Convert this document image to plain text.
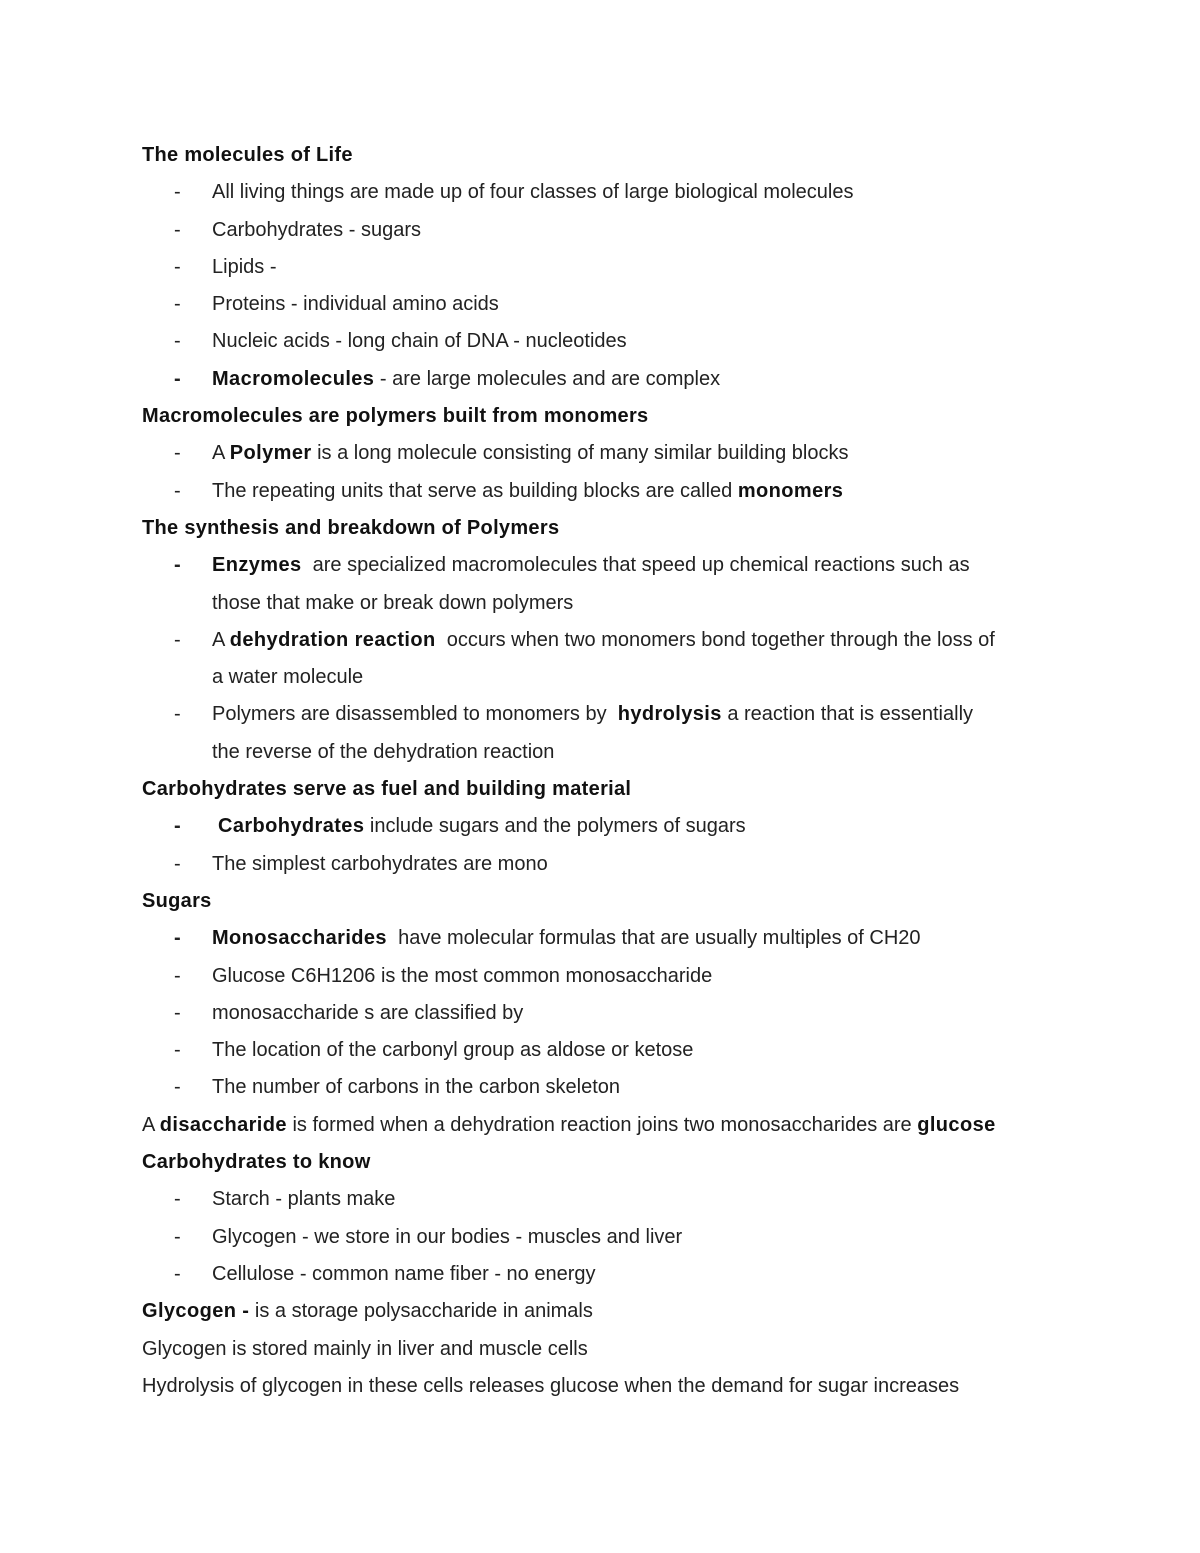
The molecules of Life
- All living things are made up of four classes of large biological molecules
- Carbohydrates - sugars
- Lipids -
- Proteins - individual amino acids
- Nucleic acids - long chain of DNA - nucleotides
- Macromolecules - are large molecules and are complex
Macromolecules are polymers built from monomers
- A Polymer is a long molecule consisting of many similar building blocks
- The repeating units that serve as building blocks are called monomers
The synthesis and breakdown of Polymers
- Enzymes  are specialized macromolecules that speed up chemical reactions such as
those that make or break down polymers
- A dehydration reaction  occurs when two monomers bond together through the loss of
a water molecule
- Polymers are disassembled to monomers by  hydrolysis a reaction that is essentially
the reverse of the dehydration reaction
Carbohydrates serve as fuel and building material
- Carbohydrates include sugars and the polymers of sugars
- The simplest carbohydrates are mono
Sugars
- Monosaccharides  have molecular formulas that are usually multiples of CH20
- Glucose C6H1206 is the most common monosaccharide
- monosaccharide s are classified by
- The location of the carbonyl group as aldose or ketose
- The number of carbons in the carbon skeleton
A disaccharide is formed when a dehydration reaction joins two monosaccharides are glucose
Carbohydrates to know
- Starch - plants make
- Glycogen - we store in our bodies - muscles and liver
- Cellulose - common name fiber - no energy
Glycogen - is a storage polysaccharide in animals
Glycogen is stored mainly in liver and muscle cells
Hydrolysis of glycogen in these cells releases glucose when the demand for sugar increases
